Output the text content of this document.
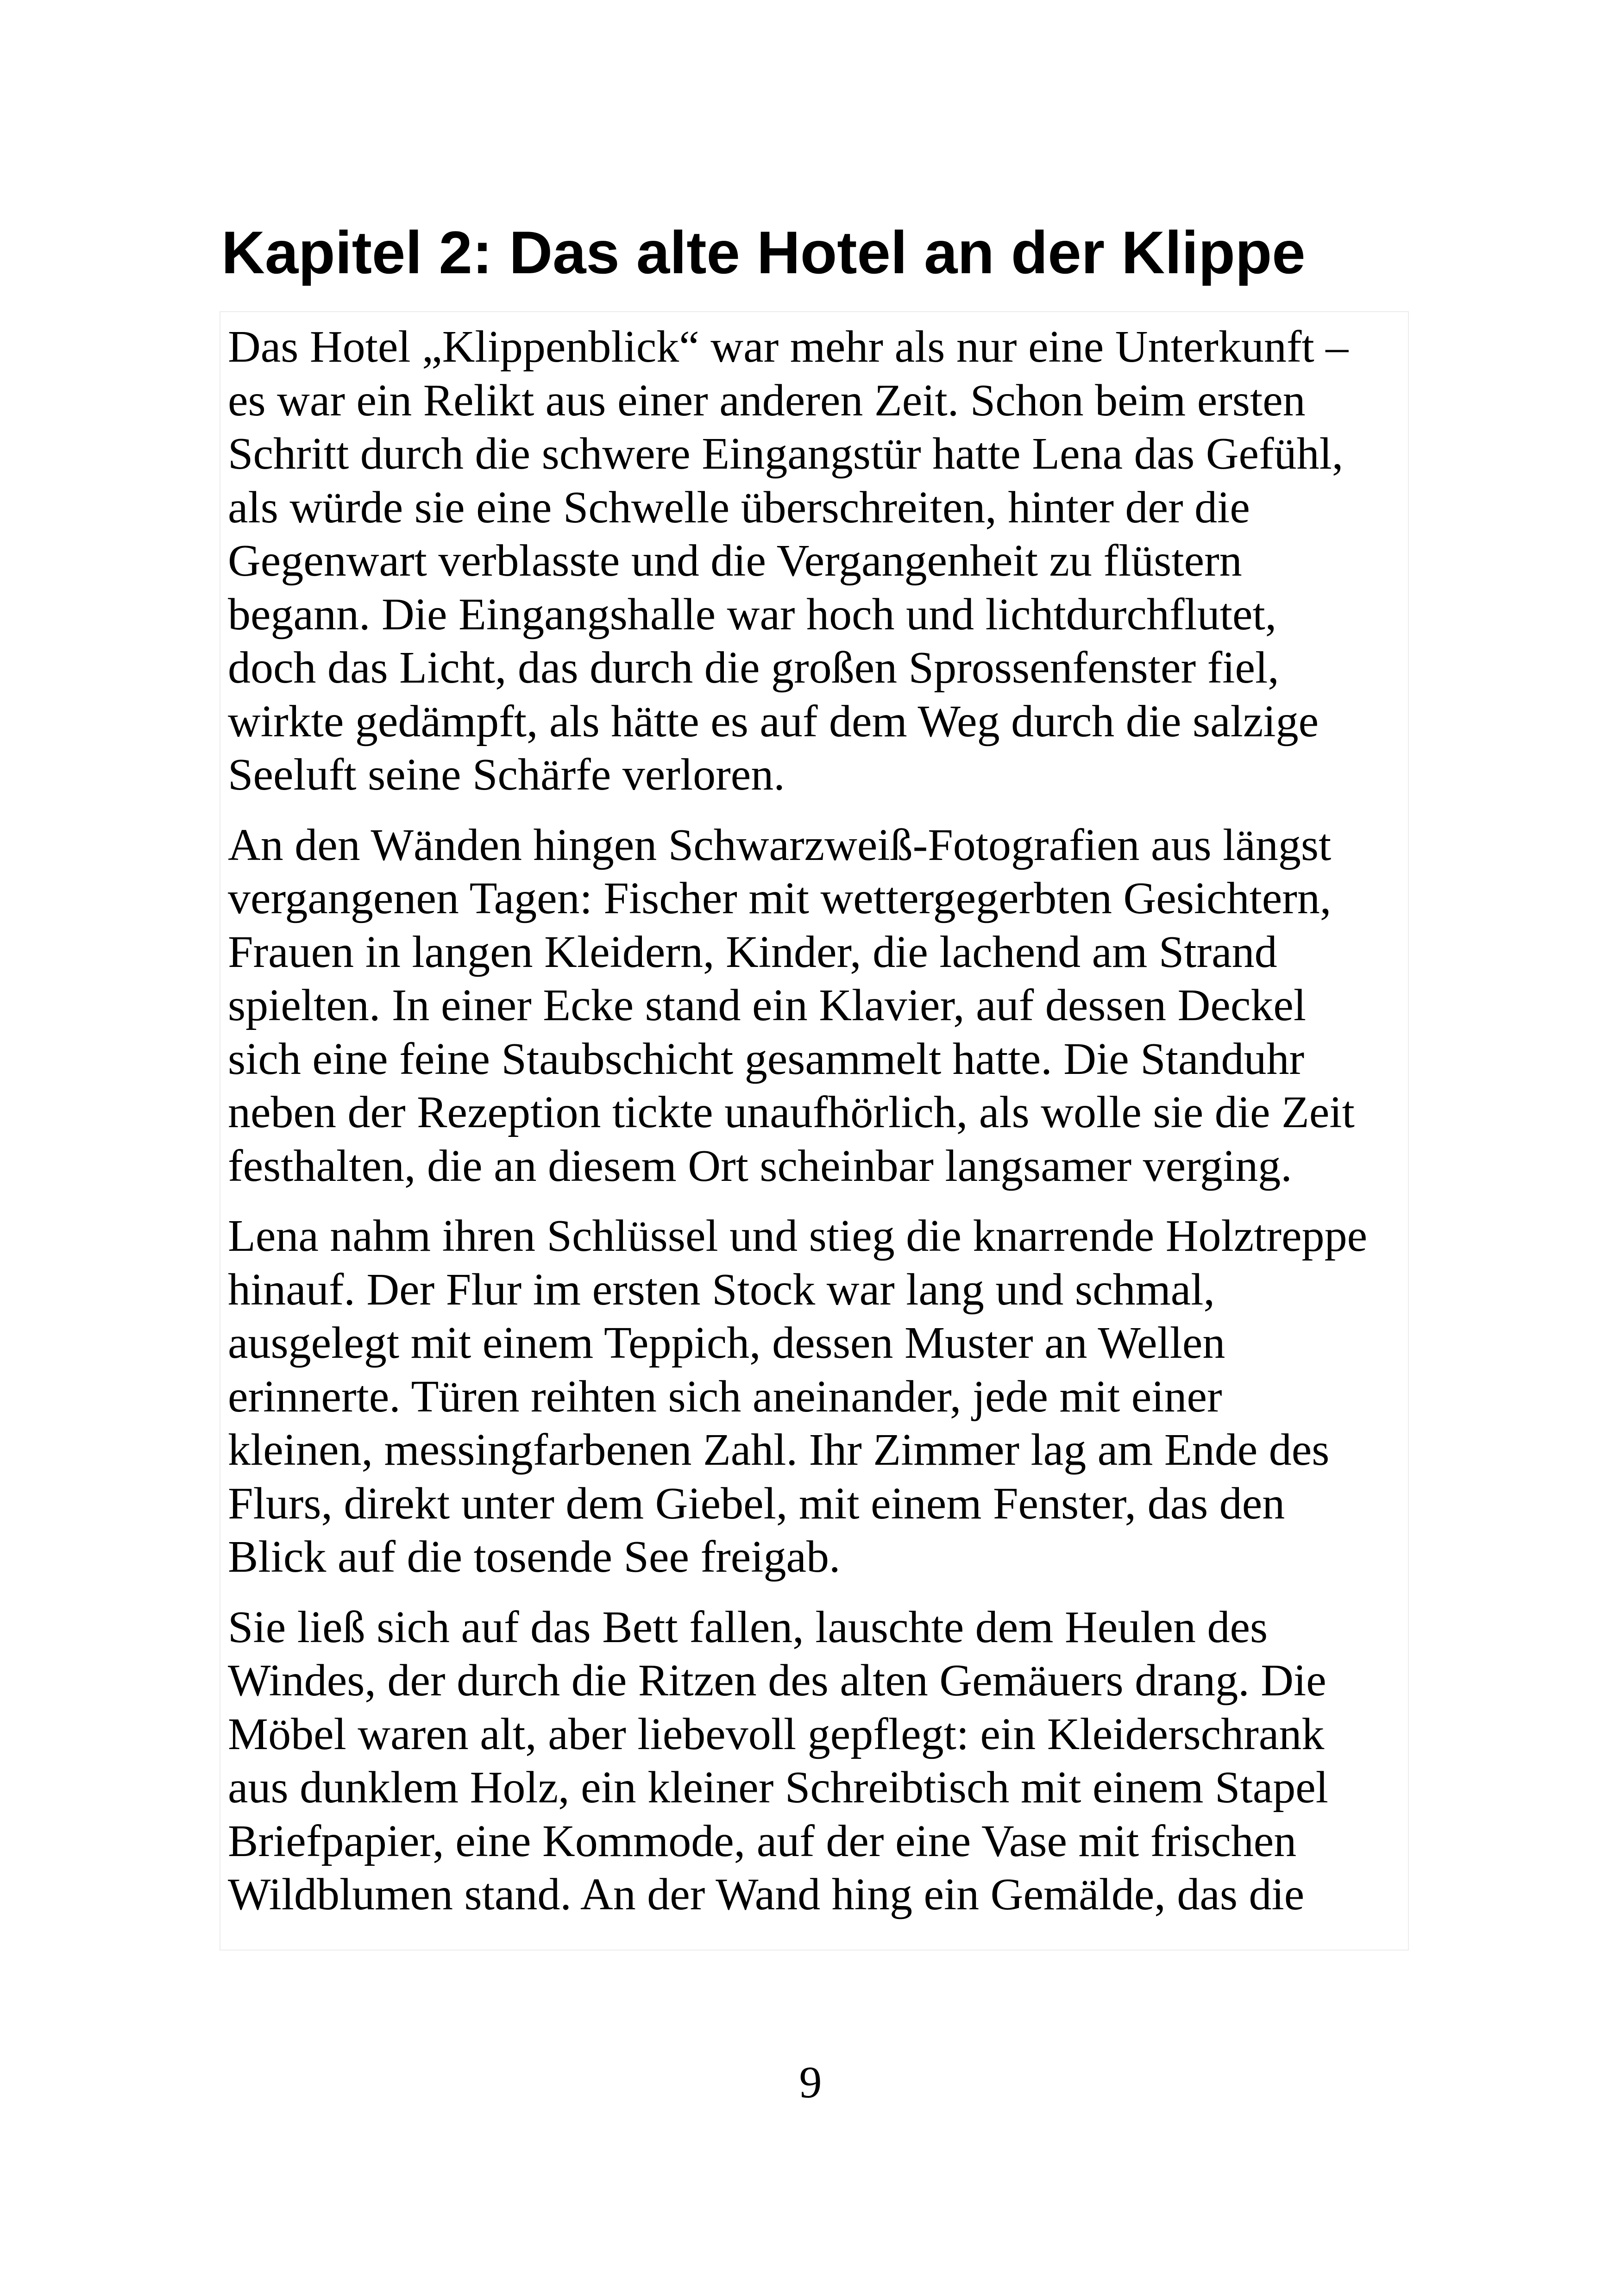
Kapitel 2: Das alte Hotel an der Klippe

Das Hotel „Klippenblick“ war mehr als nur eine Unterkunft –
es war ein Relikt aus einer anderen Zeit. Schon beim ersten
Schritt durch die schwere Eingangstür hatte Lena das Gefühl,
als würde sie eine Schwelle überschreiten, hinter der die
Gegenwart verblasste und die Vergangenheit zu flüstern
begann. Die Eingangshalle war hoch und lichtdurchflutet,
doch das Licht, das durch die großen Sprossenfenster fiel,
wirkte gedämpft, als hätte es auf dem Weg durch die salzige
Seeluft seine Schärfe verloren.

An den Wänden hingen Schwarzweiß-Fotografien aus längst
vergangenen Tagen: Fischer mit wettergegerbten Gesichtern,
Frauen in langen Kleidern, Kinder, die lachend am Strand
spielten. In einer Ecke stand ein Klavier, auf dessen Deckel
sich eine feine Staubschicht gesammelt hatte. Die Standuhr
neben der Rezeption tickte unaufhörlich, als wolle sie die Zeit
festhalten, die an diesem Ort scheinbar langsamer verging.

Lena nahm ihren Schlüssel und stieg die knarrende Holztreppe
hinauf. Der Flur im ersten Stock war lang und schmal,
ausgelegt mit einem Teppich, dessen Muster an Wellen
erinnerte. Türen reihten sich aneinander, jede mit einer
kleinen, messingfarbenen Zahl. Ihr Zimmer lag am Ende des
Flurs, direkt unter dem Giebel, mit einem Fenster, das den
Blick auf die tosende See freigab.

Sie ließ sich auf das Bett fallen, lauschte dem Heulen des
Windes, der durch die Ritzen des alten Gemäuers drang. Die
Möbel waren alt, aber liebevoll gepflegt: ein Kleiderschrank
aus dunklem Holz, ein kleiner Schreibtisch mit einem Stapel
Briefpapier, eine Kommode, auf der eine Vase mit frischen
Wildblumen stand. An der Wand hing ein Gemälde, das die

9
